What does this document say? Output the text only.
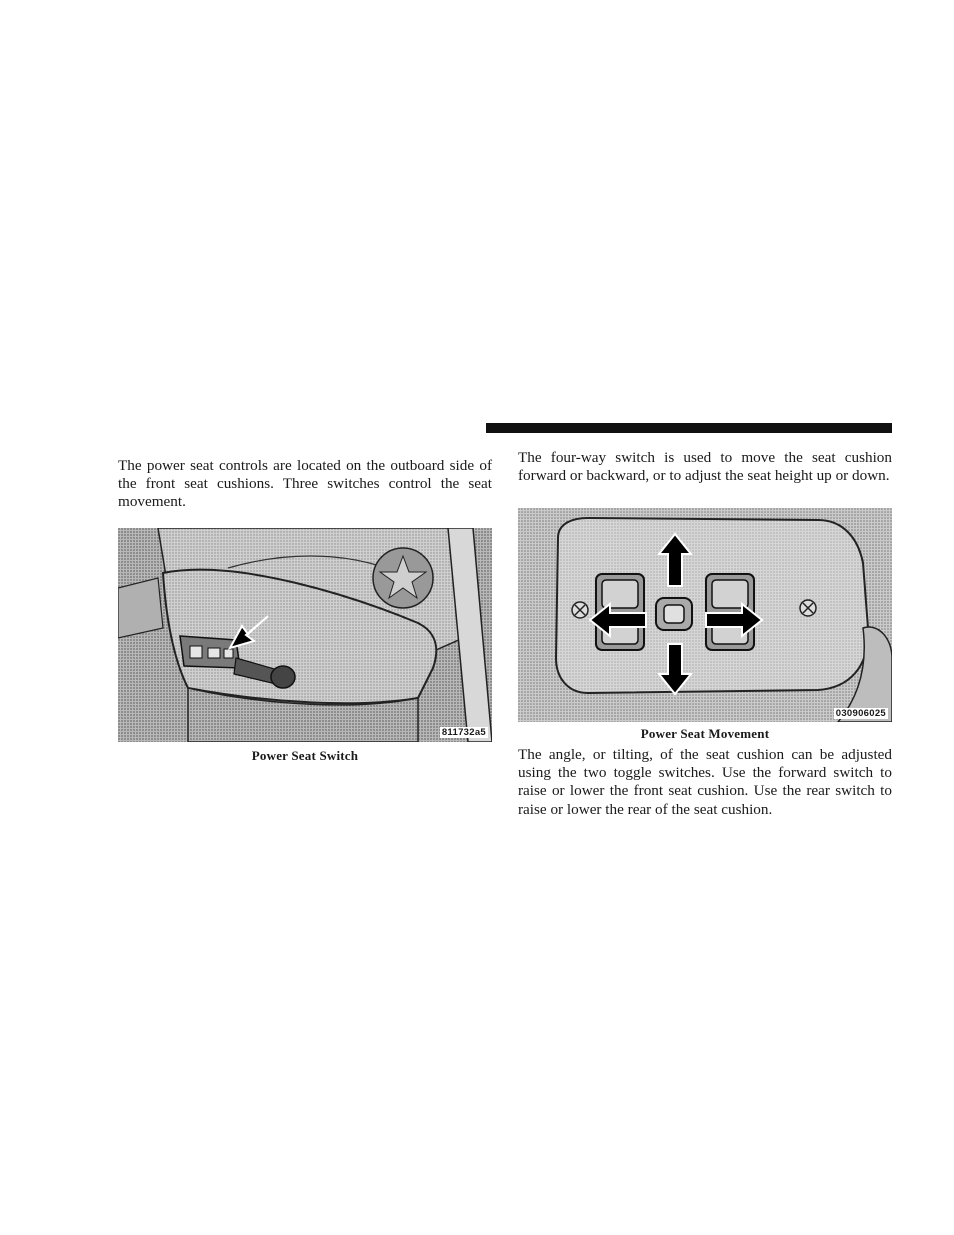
The power seat controls are located on the outboard side of the front seat cushions. Three switches control the seat movement.

811732a5
Power Seat Switch

The four-way switch is used to move the seat cushion forward or backward, or to adjust the seat height up or down.

030906025
Power Seat Movement

The angle, or tilting, of the seat cushion can be adjusted using the two toggle switches. Use the forward switch to raise or lower the front seat cushion. Use the rear switch to raise or lower the rear of the seat cushion.
